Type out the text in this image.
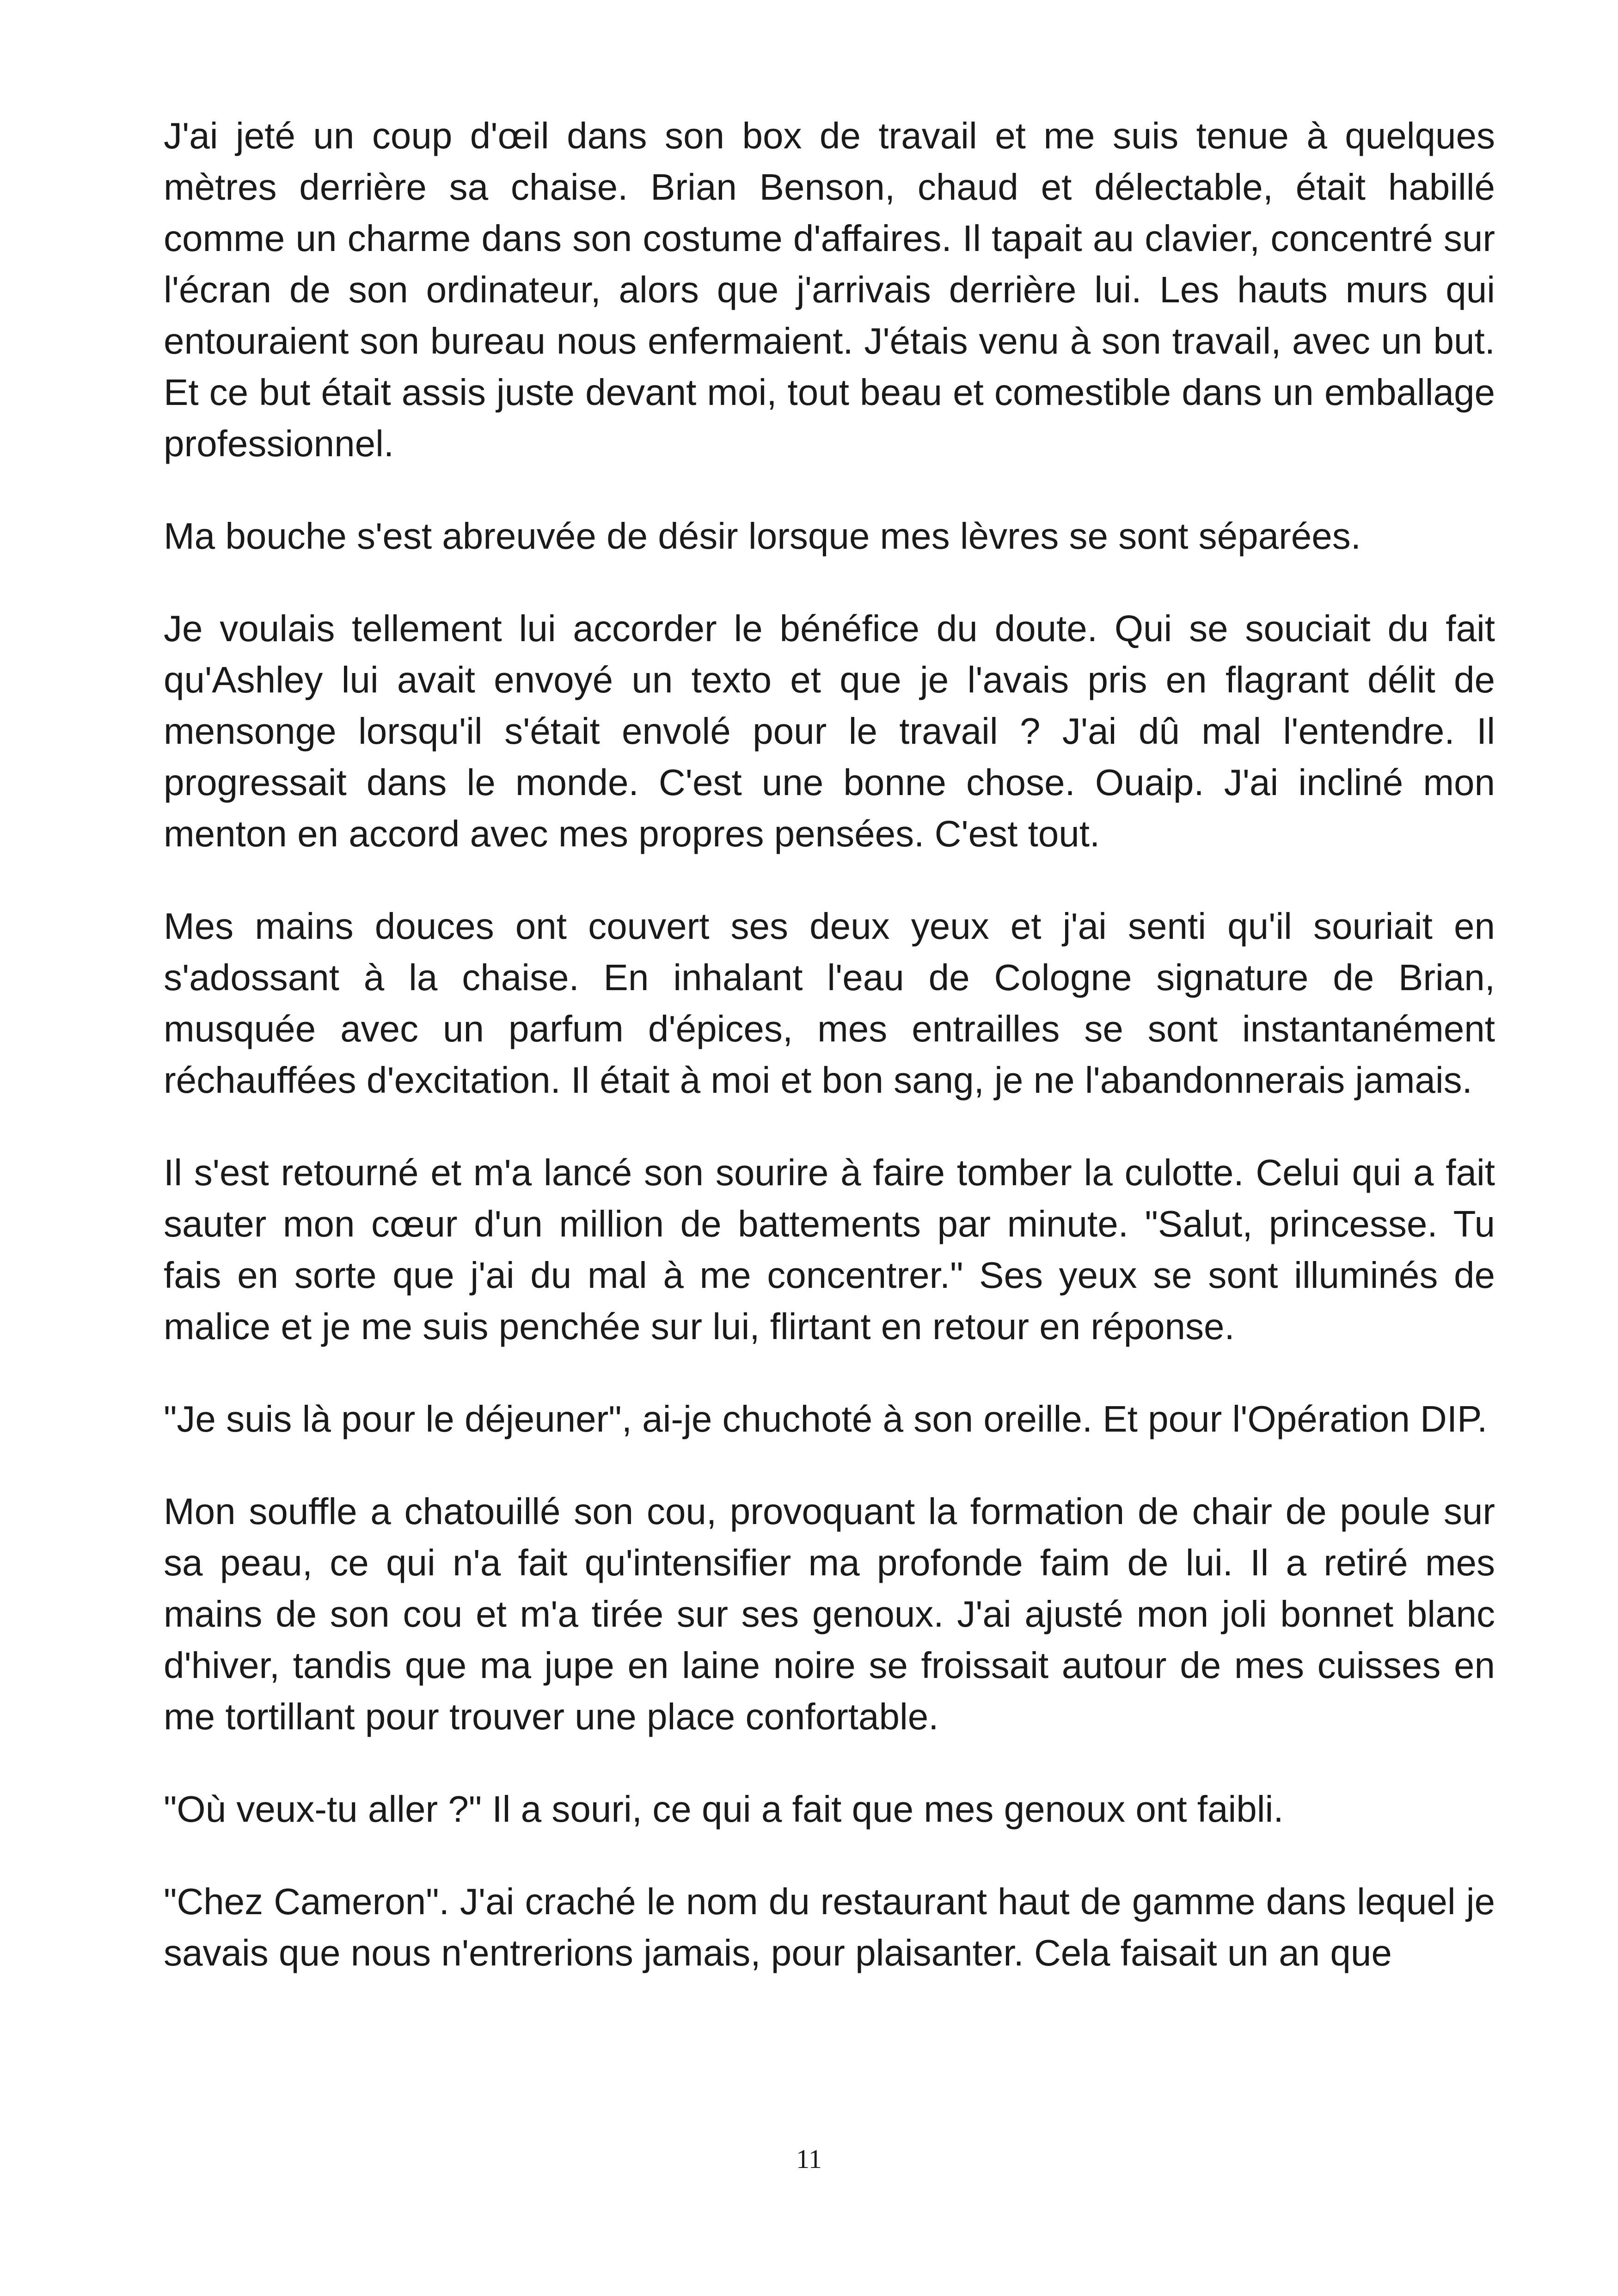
J'ai jeté un coup d'œil dans son box de travail et me suis tenue à quelques mètres derrière sa chaise. Brian Benson, chaud et délectable, était habillé comme un charme dans son costume d'affaires. Il tapait au clavier, concentré sur l'écran de son ordinateur, alors que j'arrivais derrière lui. Les hauts murs qui entouraient son bureau nous enfermaient. J'étais venu à son travail, avec un but. Et ce but était assis juste devant moi, tout beau et comestible dans un emballage professionnel.

Ma bouche s'est abreuvée de désir lorsque mes lèvres se sont séparées.

Je voulais tellement lui accorder le bénéfice du doute. Qui se souciait du fait qu'Ashley lui avait envoyé un texto et que je l'avais pris en flagrant délit de mensonge lorsqu'il s'était envolé pour le travail ? J'ai dû mal l'entendre. Il progressait dans le monde. C'est une bonne chose. Ouaip. J'ai incliné mon menton en accord avec mes propres pensées. C'est tout.

Mes mains douces ont couvert ses deux yeux et j'ai senti qu'il souriait en s'adossant à la chaise. En inhalant l'eau de Cologne signature de Brian, musquée avec un parfum d'épices, mes entrailles se sont instantanément réchauffées d'excitation. Il était à moi et bon sang, je ne l'abandonnerais jamais.

Il s'est retourné et m'a lancé son sourire à faire tomber la culotte. Celui qui a fait sauter mon cœur d'un million de battements par minute. "Salut, princesse. Tu fais en sorte que j'ai du mal à me concentrer." Ses yeux se sont illuminés de malice et je me suis penchée sur lui, flirtant en retour en réponse.

"Je suis là pour le déjeuner", ai-je chuchoté à son oreille. Et pour l'Opération DIP.

Mon souffle a chatouillé son cou, provoquant la formation de chair de poule sur sa peau, ce qui n'a fait qu'intensifier ma profonde faim de lui. Il a retiré mes mains de son cou et m'a tirée sur ses genoux. J'ai ajusté mon joli bonnet blanc d'hiver, tandis que ma jupe en laine noire se froissait autour de mes cuisses en me tortillant pour trouver une place confortable.

"Où veux-tu aller ?" Il a souri, ce qui a fait que mes genoux ont faibli.

"Chez Cameron". J'ai craché le nom du restaurant haut de gamme dans lequel je savais que nous n'entrerions jamais, pour plaisanter. Cela faisait un an que

11
